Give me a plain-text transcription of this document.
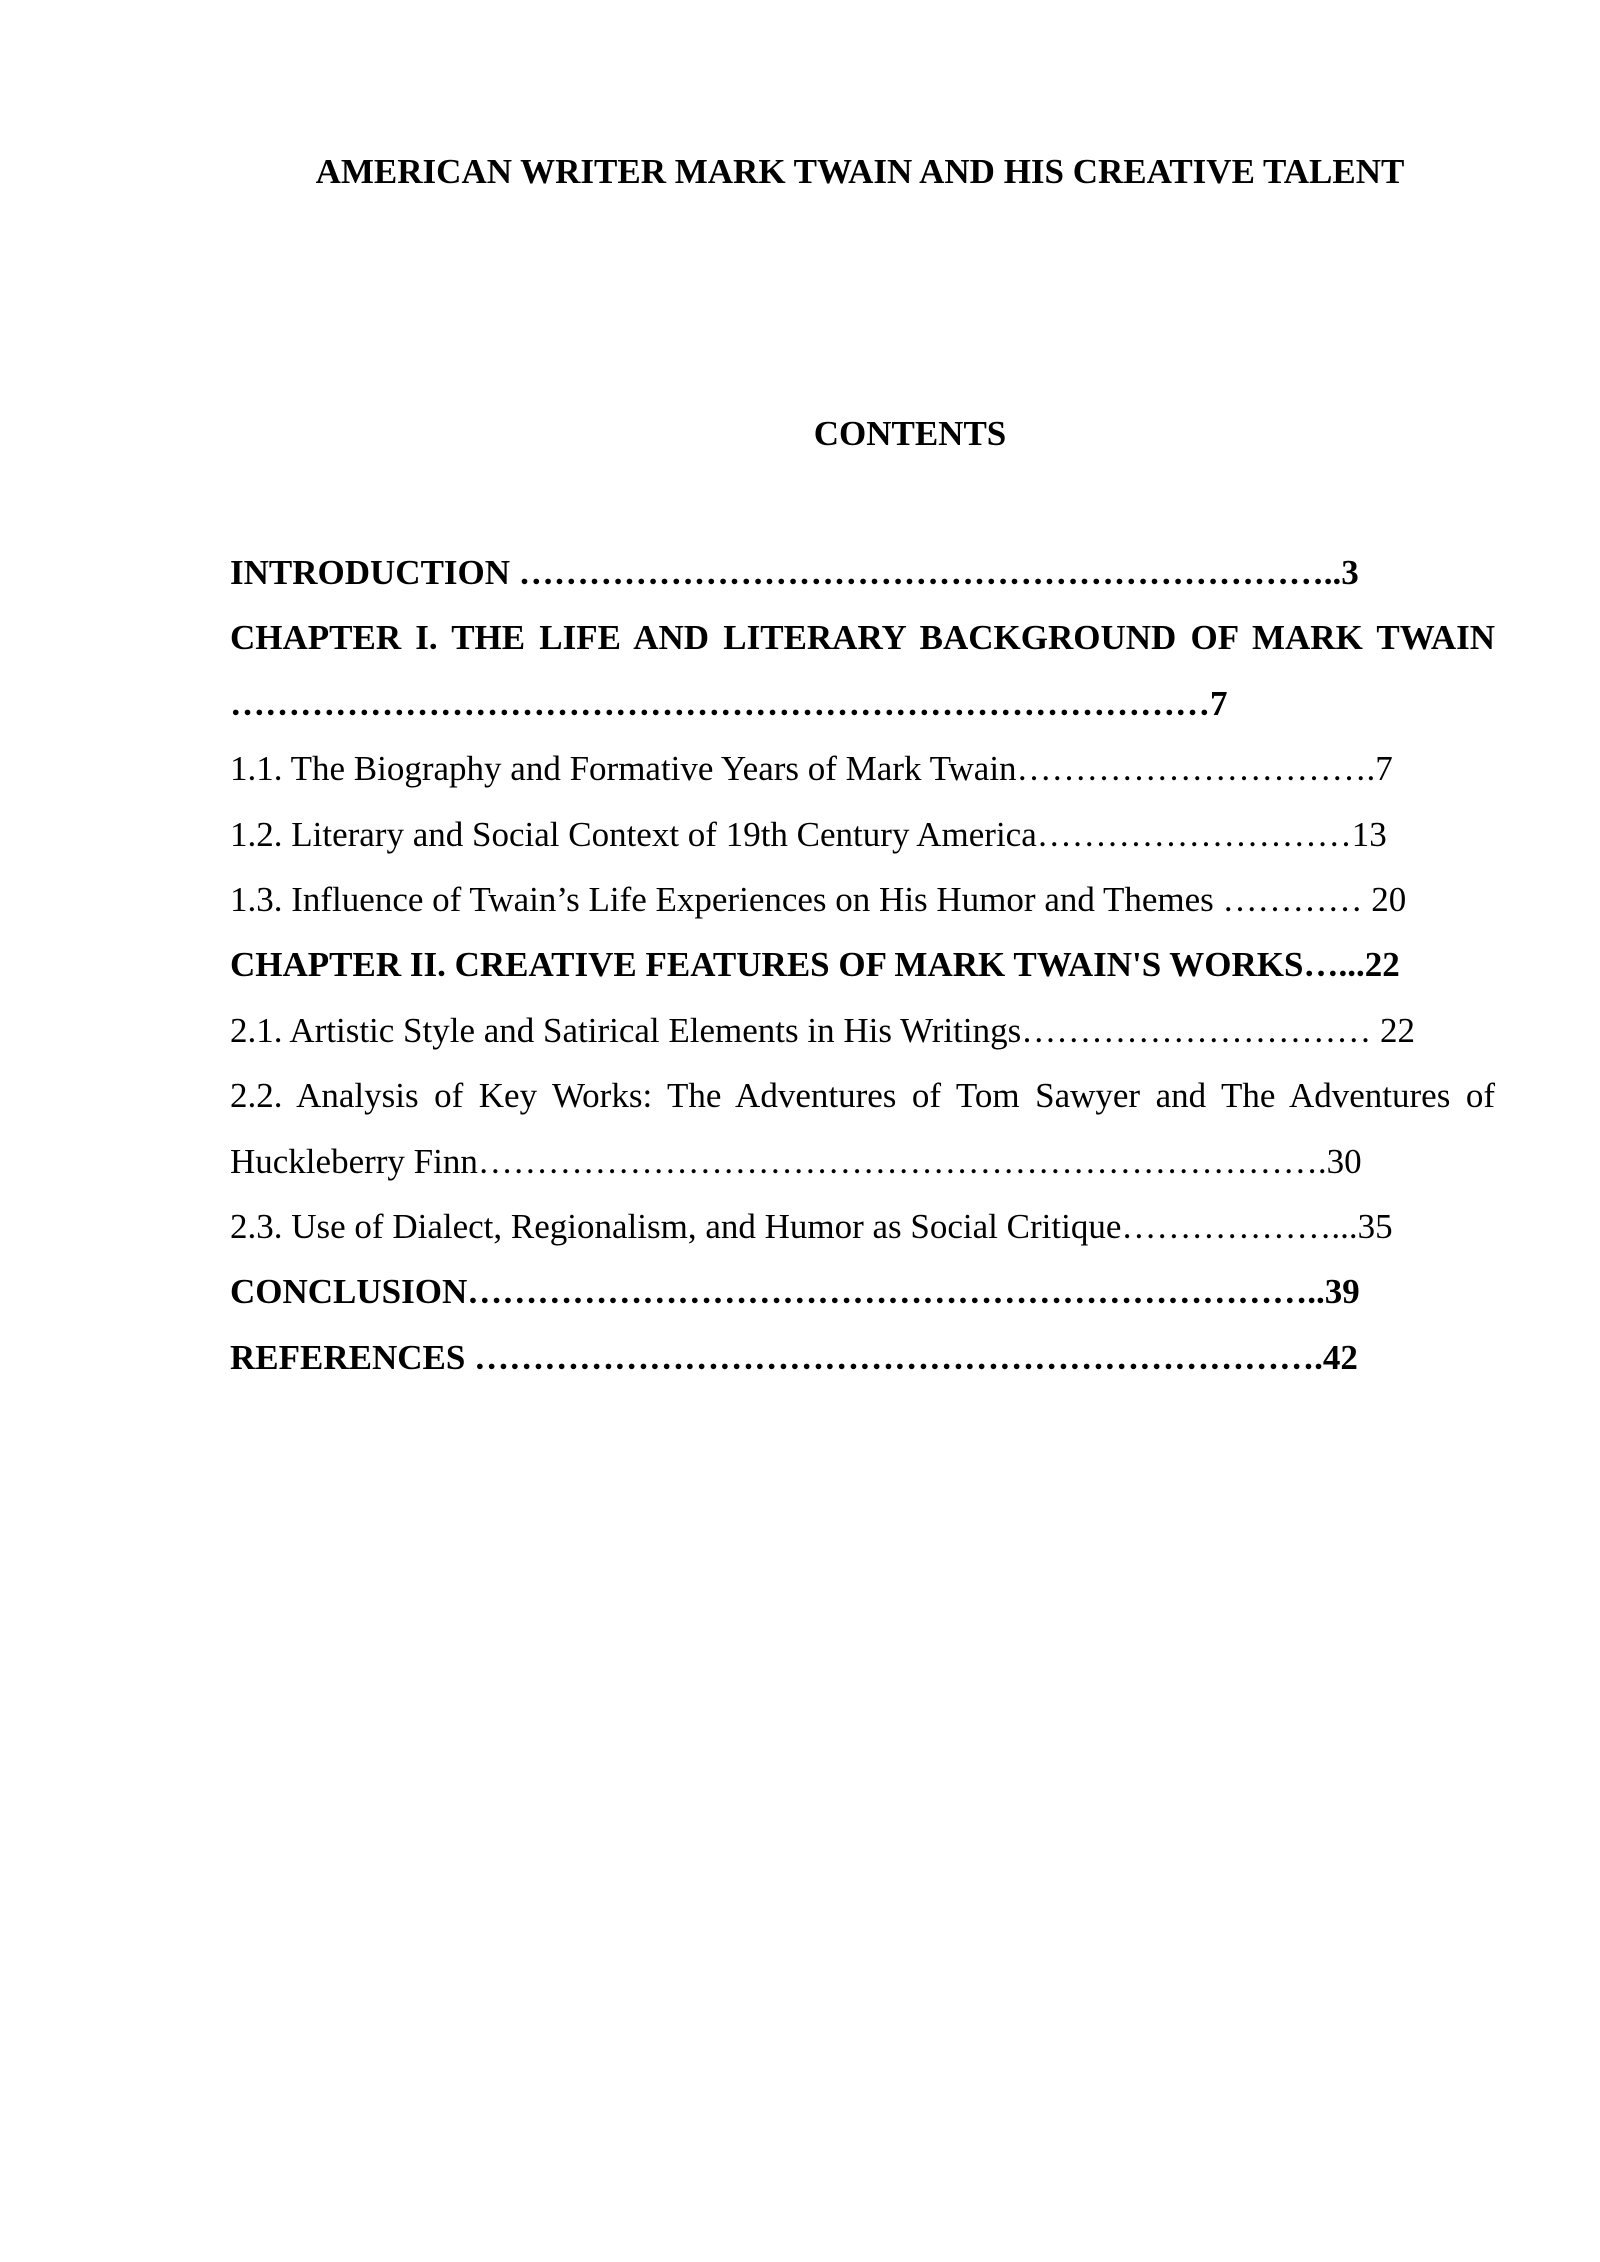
AMERICAN WRITER MARK TWAIN AND HIS CREATIVE TALENT
CONTENTS

INTRODUCTION ……………………………………………………………..3

CHAPTER I. THE LIFE AND LITERARY BACKGROUND OF MARK TWAIN …………………………………………………………………………7

1.1. The Biography and Formative Years of Mark Twain………………………….7

1.2. Literary and Social Context of 19th Century America………………………13

1.3. Influence of Twain’s Life Experiences on His Humor and Themes ………… 20

CHAPTER II. CREATIVE FEATURES OF MARK TWAIN'S WORKS…...22

2.1. Artistic Style and Satirical Elements in His Writings………………………… 22

2.2. Analysis of Key Works: The Adventures of Tom Sawyer and The Adventures of Huckleberry Finn……………………………………………………………….30

2.3. Use of Dialect, Regionalism, and Humor as Social Critique………………...35

CONCLUSION………………………………………………………………..39

REFERENCES ……………………………………………………………….42
